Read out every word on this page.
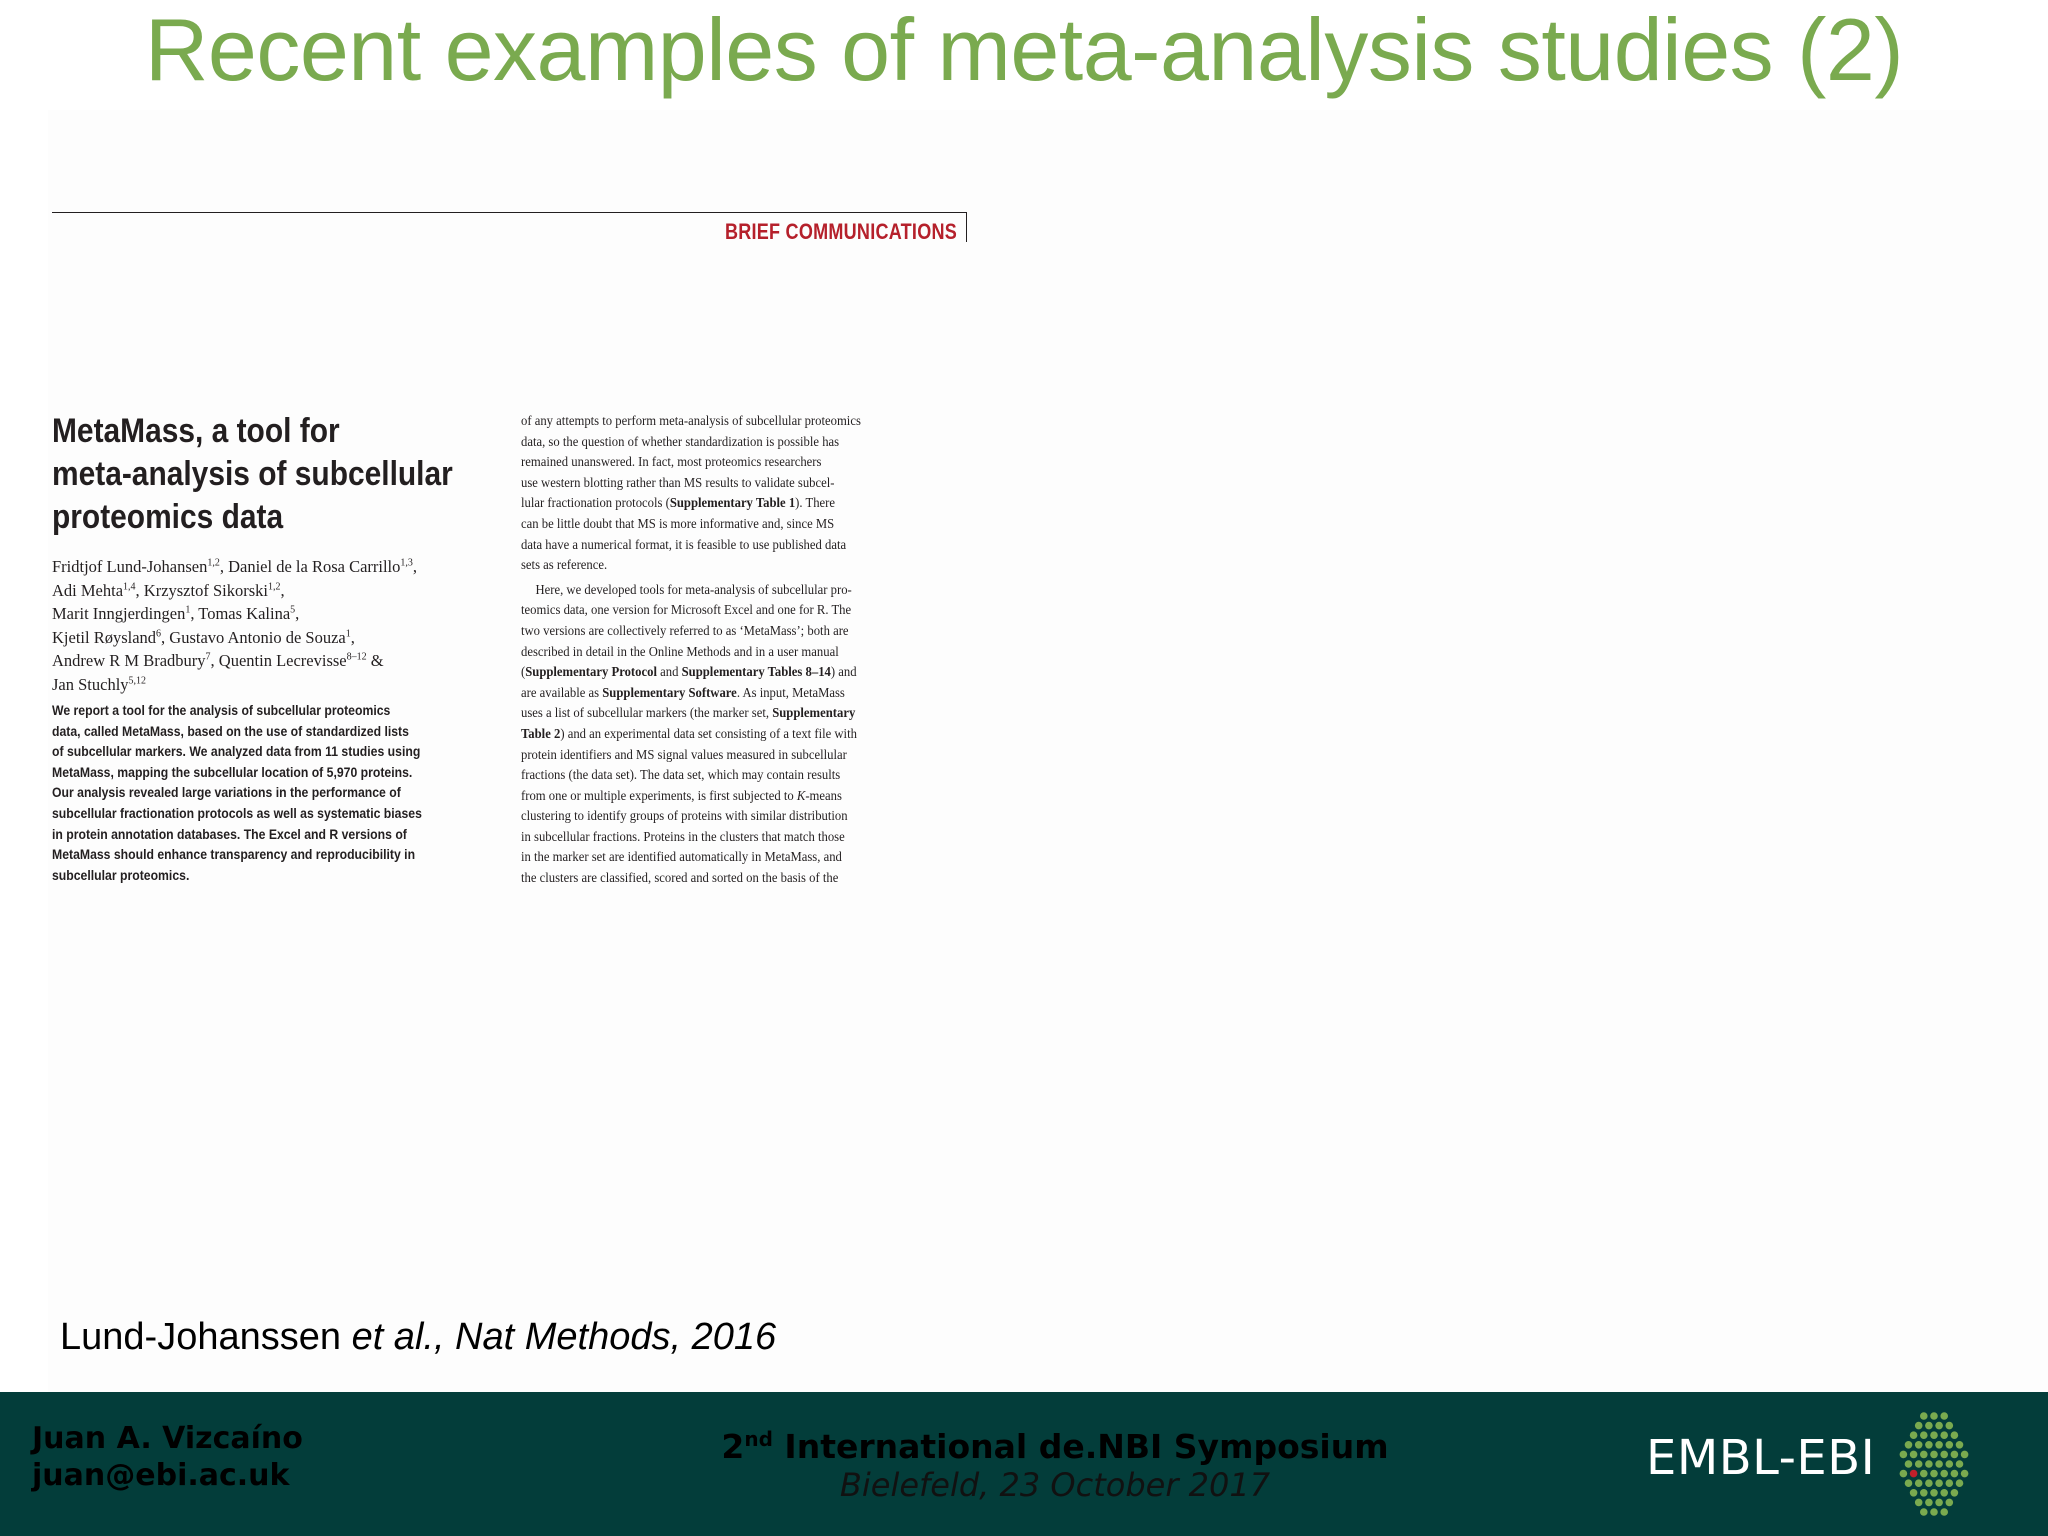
Recent examples of meta-analysis studies (2)
BRIEF COMMUNICATIONS
MetaMass, a tool for
meta-analysis of subcellular
proteomics data
Fridtjof Lund-Johansen$^{1,2}$, Daniel de la Rosa Carrillo$^{1,3}$,
Adi Mehta$^{1,4}$, Krzysztof Sikorski$^{1,2}$,
Marit Inngjerdingen$^1$, Tomas Kalina$^5$,
Kjetil Røysland$^6$, Gustavo Antonio de Souza$^1$,
Andrew R M Bradbury$^7$, Quentin Lecrevisse$^{8-12}$ &
Jan Stuchly$^{5,12}$
We report a tool for the analysis of subcellular proteomics
data, called MetaMass, based on the use of standardized lists
of subcellular markers. We analyzed data from 11 studies using
MetaMass, mapping the subcellular location of 5,970 proteins.
Our analysis revealed large variations in the performance of
subcellular fractionation protocols as well as systematic biases
in protein annotation databases. The Excel and R versions of
MetaMass should enhance transparency and reproducibility in
subcellular proteomics.
of any attempts to perform meta-analysis of subcellular proteomics
data, so the question of whether standardization is possible has
remained unanswered. In fact, most proteomics researchers
use western blotting rather than MS results to validate subcel-
lular fractionation protocols (Supplementary Table 1). There
can be little doubt that MS is more informative and, since MS
data have a numerical format, it is feasible to use published data
sets as reference.
Here, we developed tools for meta-analysis of subcellular pro-
teomics data, one version for Microsoft Excel and one for R. The
two versions are collectively referred to as ‘MetaMass’; both are
described in detail in the Online Methods and in a user manual
(Supplementary Protocol and Supplementary Tables 8–14) and
are available as Supplementary Software. As input, MetaMass
uses a list of subcellular markers (the marker set, Supplementary
Table 2) and an experimental data set consisting of a text file with
protein identifiers and MS signal values measured in subcellular
fractions (the data set). The data set, which may contain results
from one or multiple experiments, is first subjected to K-means
clustering to identify groups of proteins with similar distribution
in subcellular fractions. Proteins in the clusters that match those
in the marker set are identified automatically in MetaMass, and
the clusters are classified, scored and sorted on the basis of the
Lund-Johanssen et al., Nat Methods, 2016
Juan A. Vizcaíno
juan@ebi.ac.uk
2nd International de.NBI Symposium
Bielefeld, 23 October 2017	EMBL-EBI
